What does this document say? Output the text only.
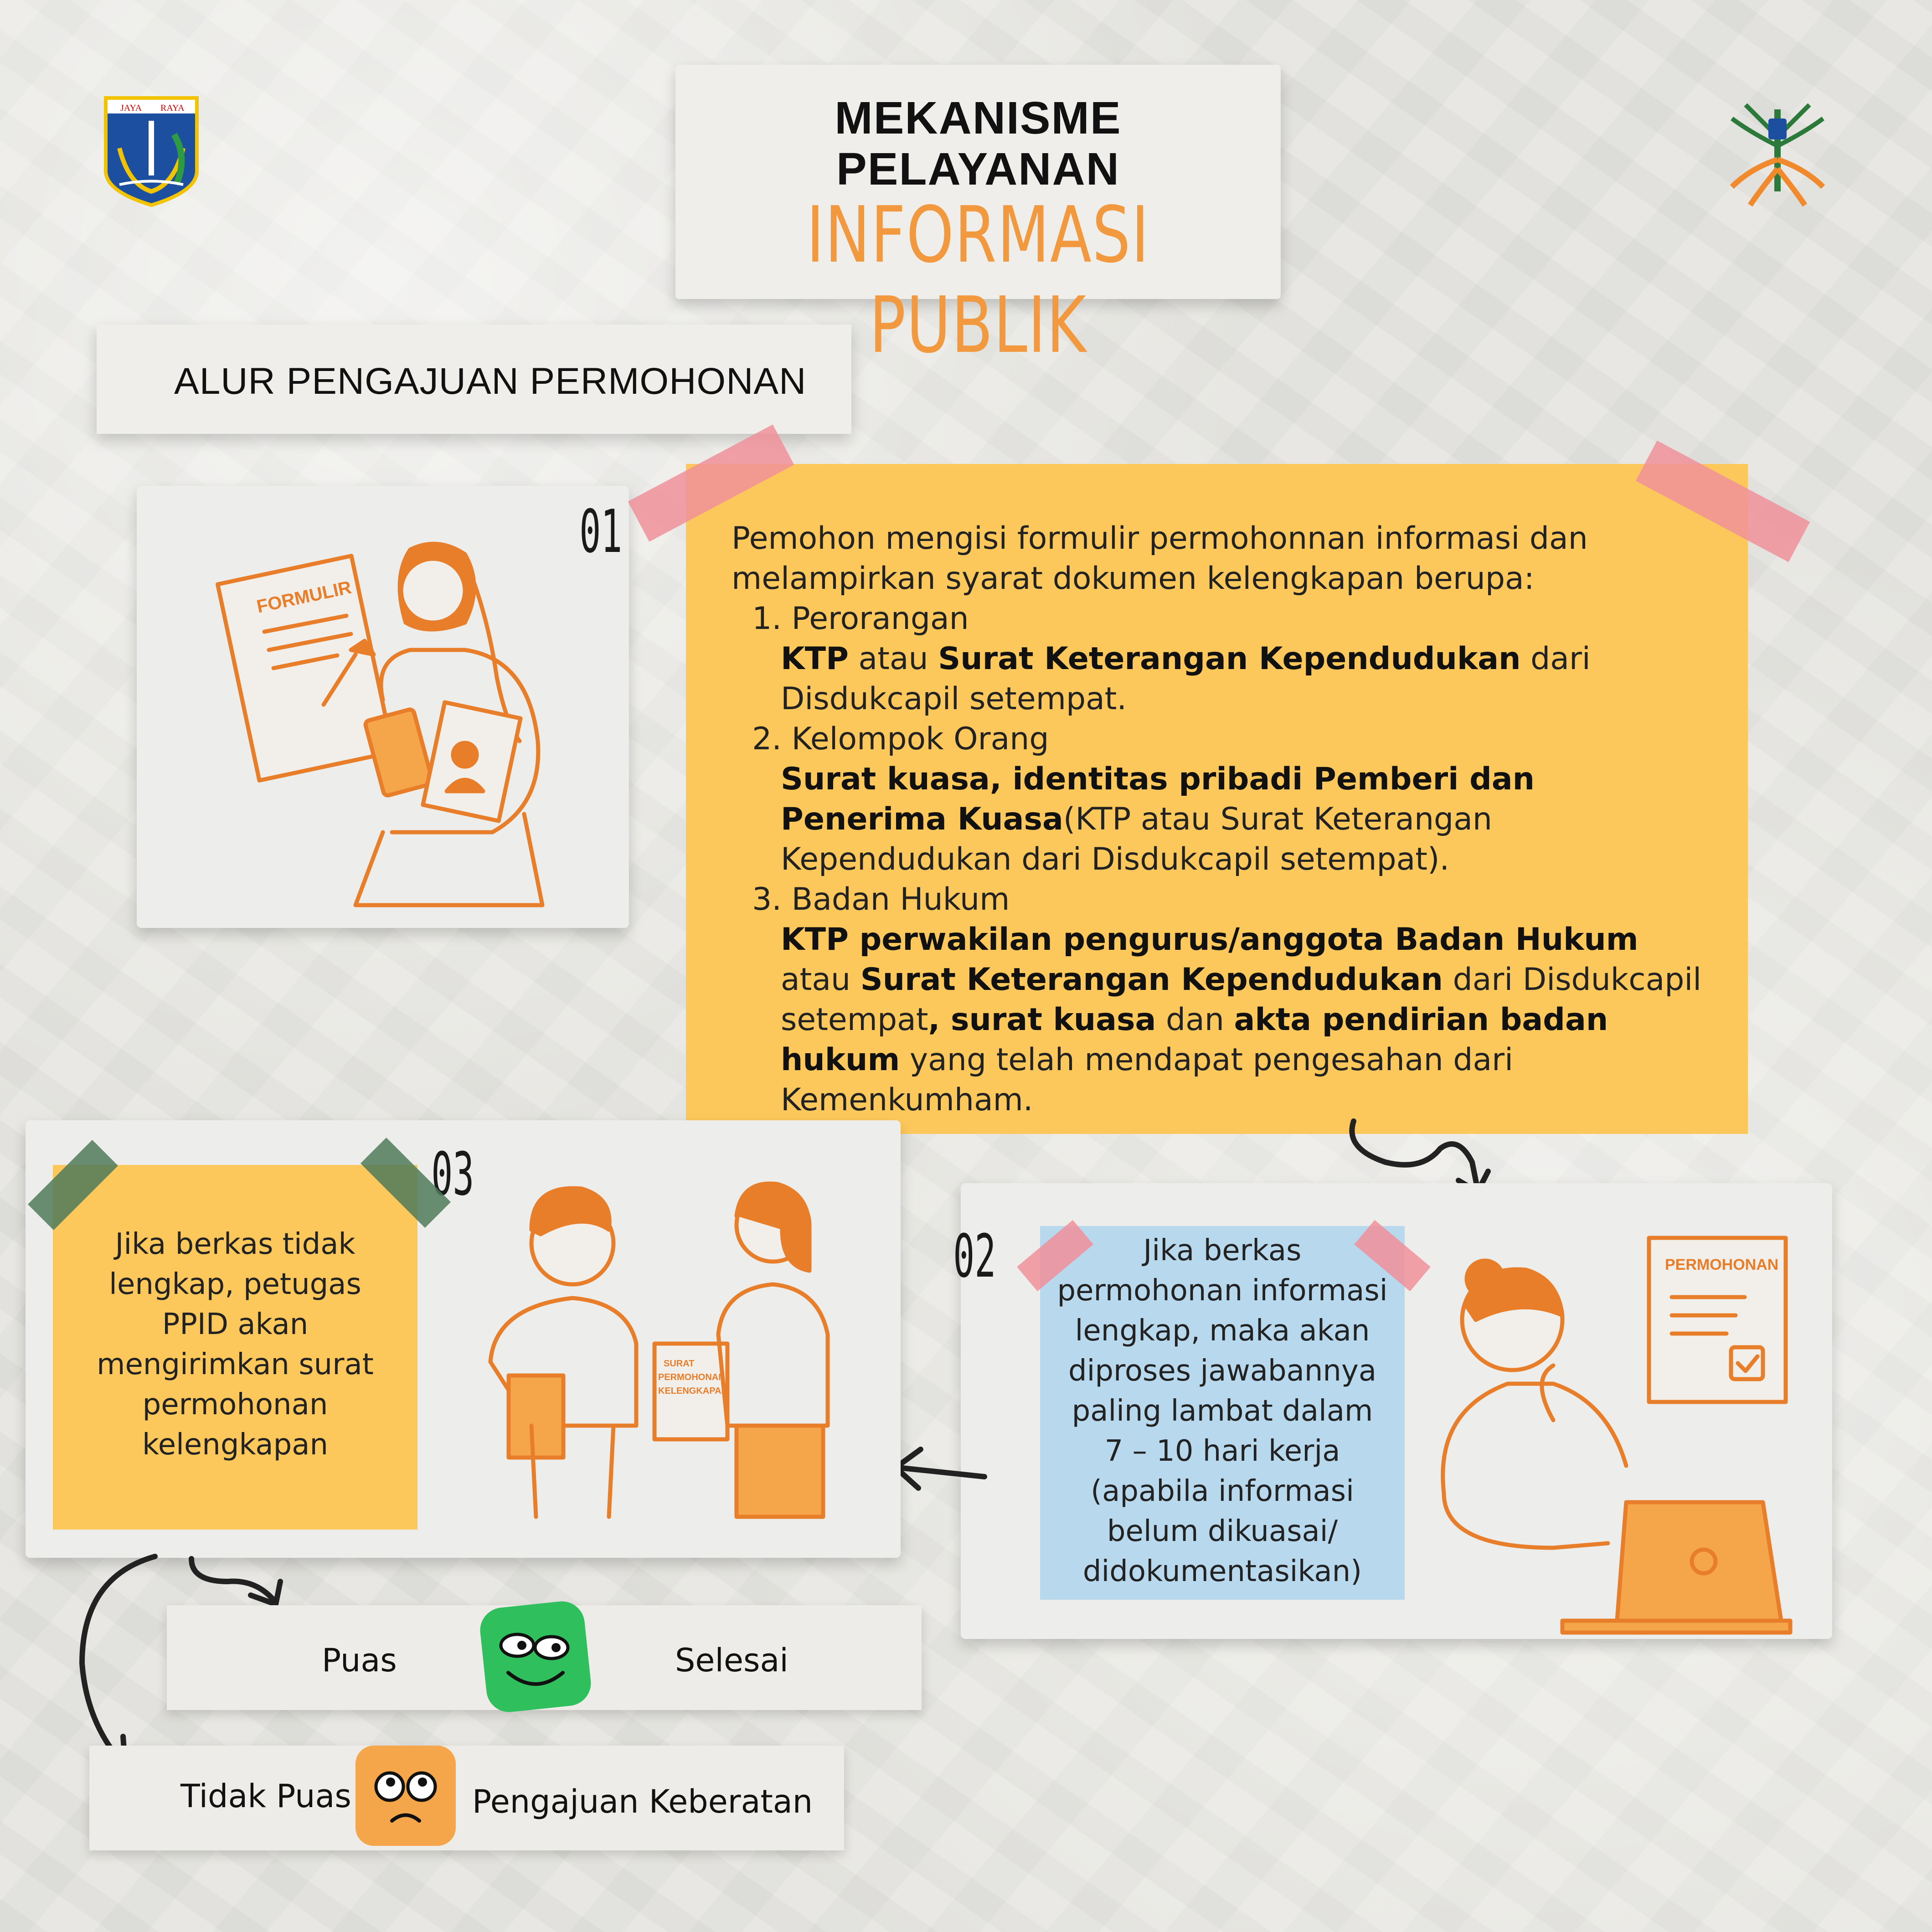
JAYA RAYA	MEKANISME
PELAYANAN
INFORMASI PUBLIK
ALUR PENGAJUAN PERMOHONAN
FORMULIR
01	Pemohon mengisi formulir permohonnan informasi dan melampirkan syarat dokumen kelengkapan berupa:
1. Perorangan
KTP atau Surat Keterangan Kependudukan dari Disdukcapil setempat.
2. Kelompok Orang
Surat kuasa, identitas pribadi Pemberi dan Penerima Kuasa(KTP atau Surat Keterangan Kependudukan dari Disdukcapil setempat).
3. Badan Hukum
KTP perwakilan pengurus/anggota Badan Hukum atau Surat Keterangan Kependudukan dari Disdukcapil setempat, surat kuasa dan akta pendirian badan hukum yang telah mendapat pengesahan dari Kemenkumham.
PERMOHONAN
Jika berkas
permohonan informasi
lengkap, maka akan
diproses jawabannya
paling lambat dalam
7 – 10 hari kerja
(apabila informasi
belum dikuasai/
didokumentasikan)
02
SURAT
PERMOHONAN
KELENGKAPAN
Jika berkas tidak
lengkap, petugas
PPID akan
mengirimkan surat
permohonan
kelengkapan
03
Puas	Selesai
Tidak Puas	Pengajuan Keberatan
